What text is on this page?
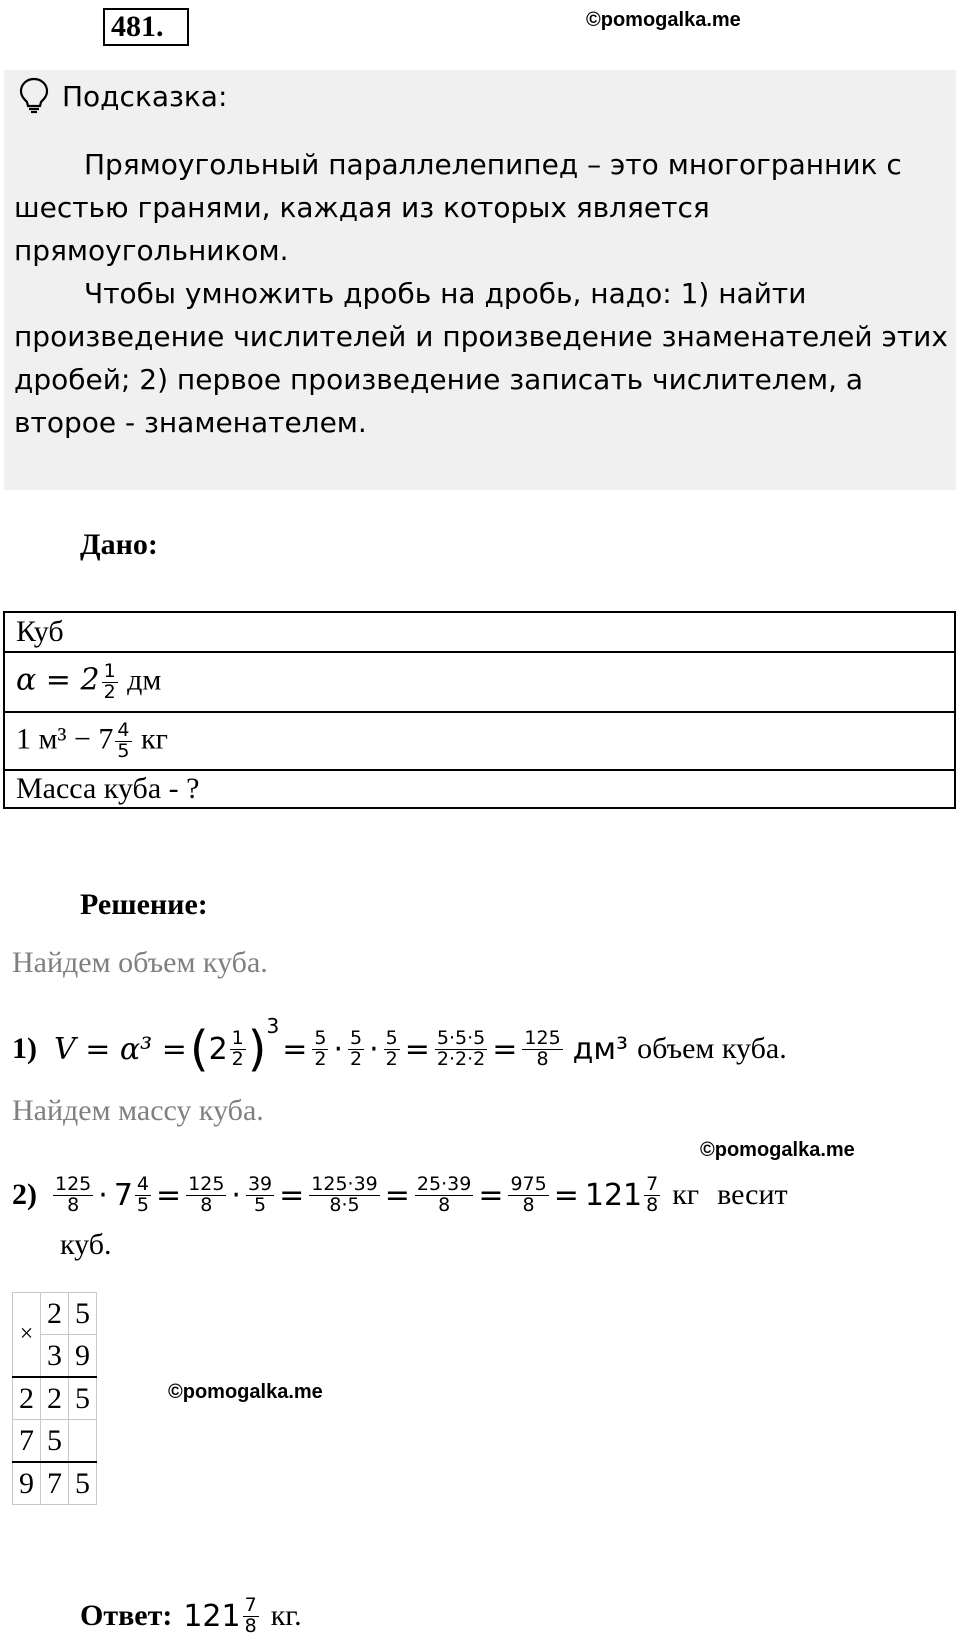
481.	©pomogalka.me
Подсказка:

Прямоугольный параллелепипед – это многогранник с шестью гранями, каждая из которых является прямоугольником.

Чтобы умножить дробь на дробь, надо: 1) найти произведение числителей и произведение знаменателей этих дробей; 2) первое произведение записать числителем, а второе - знаменателем.

Дано:
Куб
$\alpha = 2 \frac{1}{2}$ дм
1 $м^3 - 7 \frac{4}{5}$ кг
Масса куба - ?
Решение:
Найдем объем куба.
1) V = α³ = ( $2 \frac{1}{2} )^3$
= $\frac{5}{2} \cdot \frac{5}{2} \cdot \frac{5}{2} = \frac{5\cdot 5\cdot 5}{2\cdot 2\cdot 2} = \frac{125}{8} дм^3$ объем куба.
Найдем массу куба.
©pomogalka.me
$2) \frac{125}{8} \cdot 7 \frac{4}{5} = \frac{125}{8} \cdot \frac{39}{5} = \frac{125\cdot 39}{8\cdot 5} = \frac{25\cdot 39}{8} = \frac{975}{8} = 121 \frac{7}{8}$ кг весит
куб.
×	2	5
	3	9
2	2	5
7	5	
9	7	5
©pomogalka.me
Ответ: $121 \frac{7}{8}$ кг.
